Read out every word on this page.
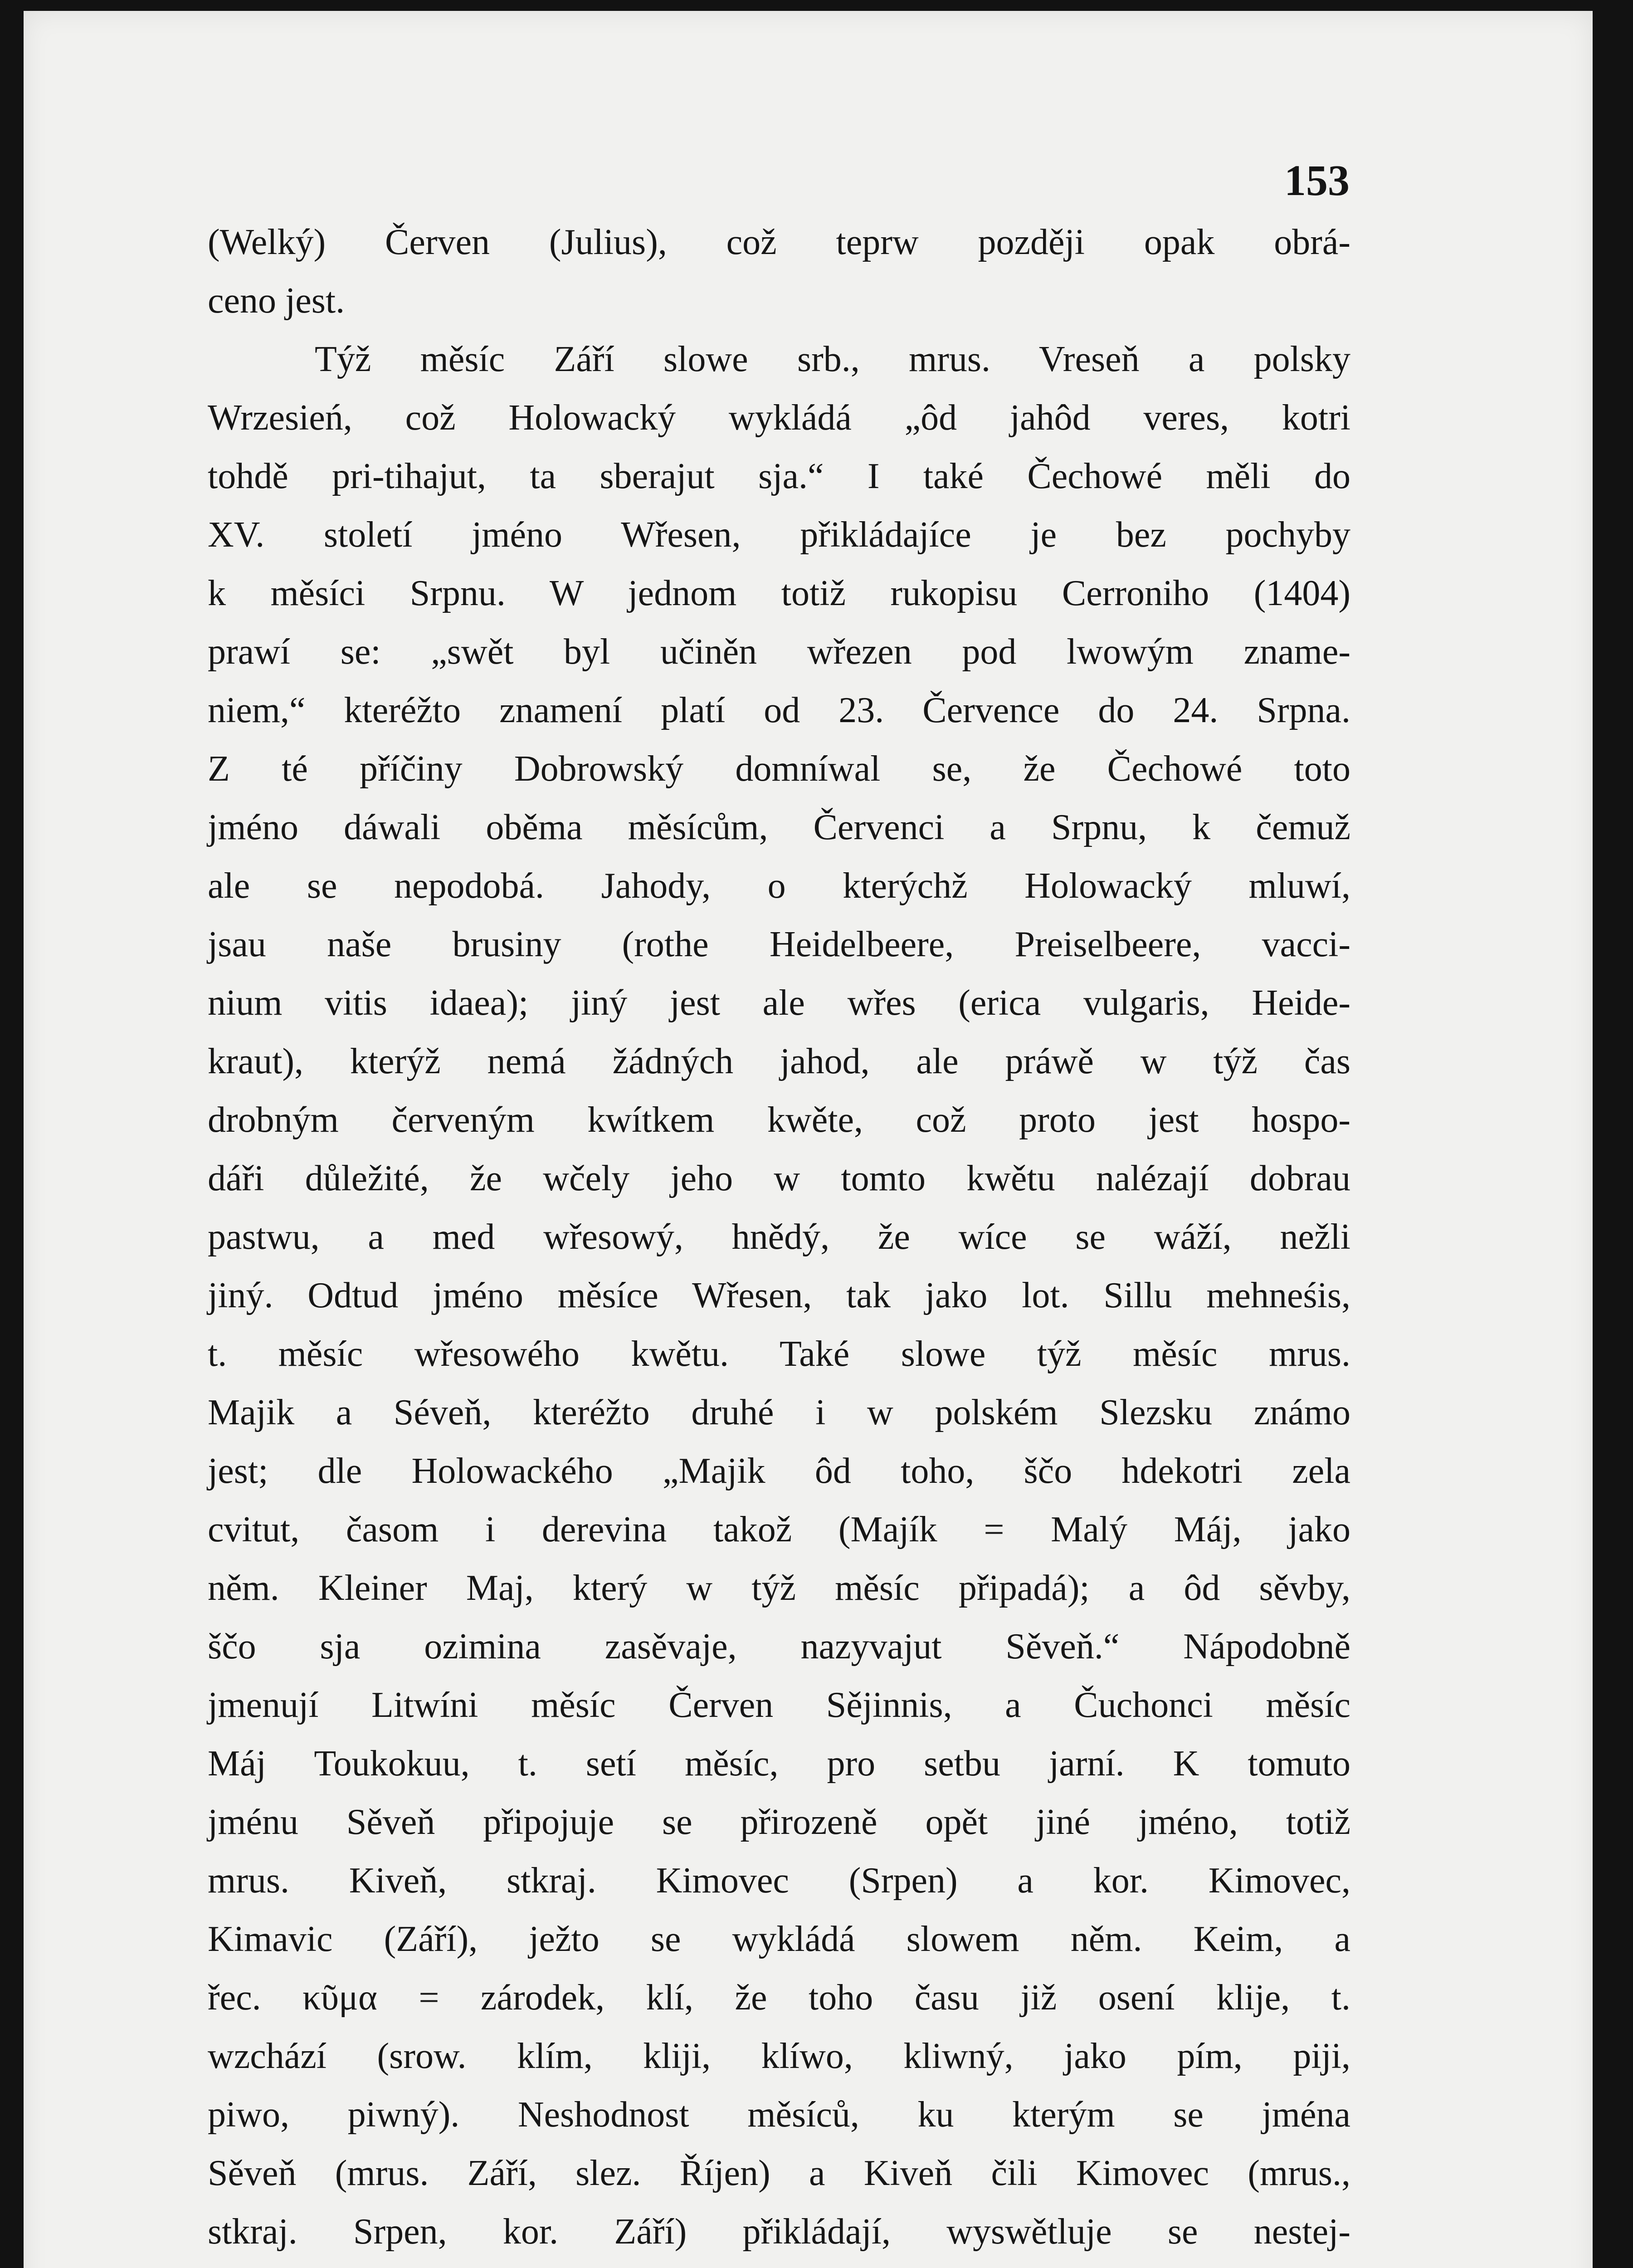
153
(Welký) Červen (Julius), což teprw později opak obrá-
ceno jest.
Týž měsíc Září slowe srb., mrus. Vreseň a polsky
Wrzesień, což Holowacký wykládá „ôd jahôd veres, kotri
tohdě pri-tihajut, ta sberajut sja.“ I také Čechowé měli do
XV. století jméno Wřesen, přikládajíce je bez pochyby
k měsíci Srpnu. W jednom totiž rukopisu Cerroniho (1404)
prawí se: „swět byl učiněn wřezen pod lwowým zname-
niem,“ kteréžto znamení platí od 23. Července do 24. Srpna.
Z té příčiny Dobrowský domníwal se, že Čechowé toto
jméno dáwali oběma měsícům, Červenci a Srpnu, k čemuž
ale se nepodobá. Jahody, o kterýchž Holowacký mluwí,
jsau naše brusiny (rothe Heidelbeere, Preiselbeere, vacci-
nium vitis idaea); jiný jest ale wřes (erica vulgaris, Heide-
kraut), kterýž nemá žádných jahod, ale práwě w týž čas
drobným červeným kwítkem kwěte, což proto jest hospo-
dáři důležité, že wčely jeho w tomto kwětu nalézají dobrau
pastwu, a med wřesowý, hnědý, že wíce se wáží, nežli
jiný. Odtud jméno měsíce Wřesen, tak jako lot. Sillu mehneśis,
t. měsíc wřesowého kwětu. Také slowe týž měsíc mrus.
Majik a Séveň, kteréžto druhé i w polském Slezsku známo
jest; dle Holowackého „Majik ôd toho, ščo hdekotri zela
cvitut, časom i derevina takož (Majík = Malý Máj, jako
něm. Kleiner Maj, který w týž měsíc připadá); a ôd sěvby,
ščo sja ozimina zasěvaje, nazyvajut Sěveň.“ Nápodobně
jmenují Litwíni měsíc Červen Sějinnis, a Čuchonci měsíc
Máj Toukokuu, t. setí měsíc, pro setbu jarní. K tomuto
jménu Sěveň připojuje se přirozeně opět jiné jméno, totiž
mrus. Kiveň, stkraj. Kimovec (Srpen) a kor. Kimovec,
Kimavic (Září), ježto se wykládá slowem něm. Keim, a
řec. κῦμα = zárodek, klí, že toho času již osení klije, t.
wzchází (srow. klím, kliji, klíwo, kliwný, jako pím, piji,
piwo, piwný). Neshodnost měsíců, ku kterým se jména
Sěveň (mrus. Září, slez. Říjen) a Kiveň čili Kimovec (mrus.,
stkraj. Srpen, kor. Září) přikládají, wyswětluje se nestej-
